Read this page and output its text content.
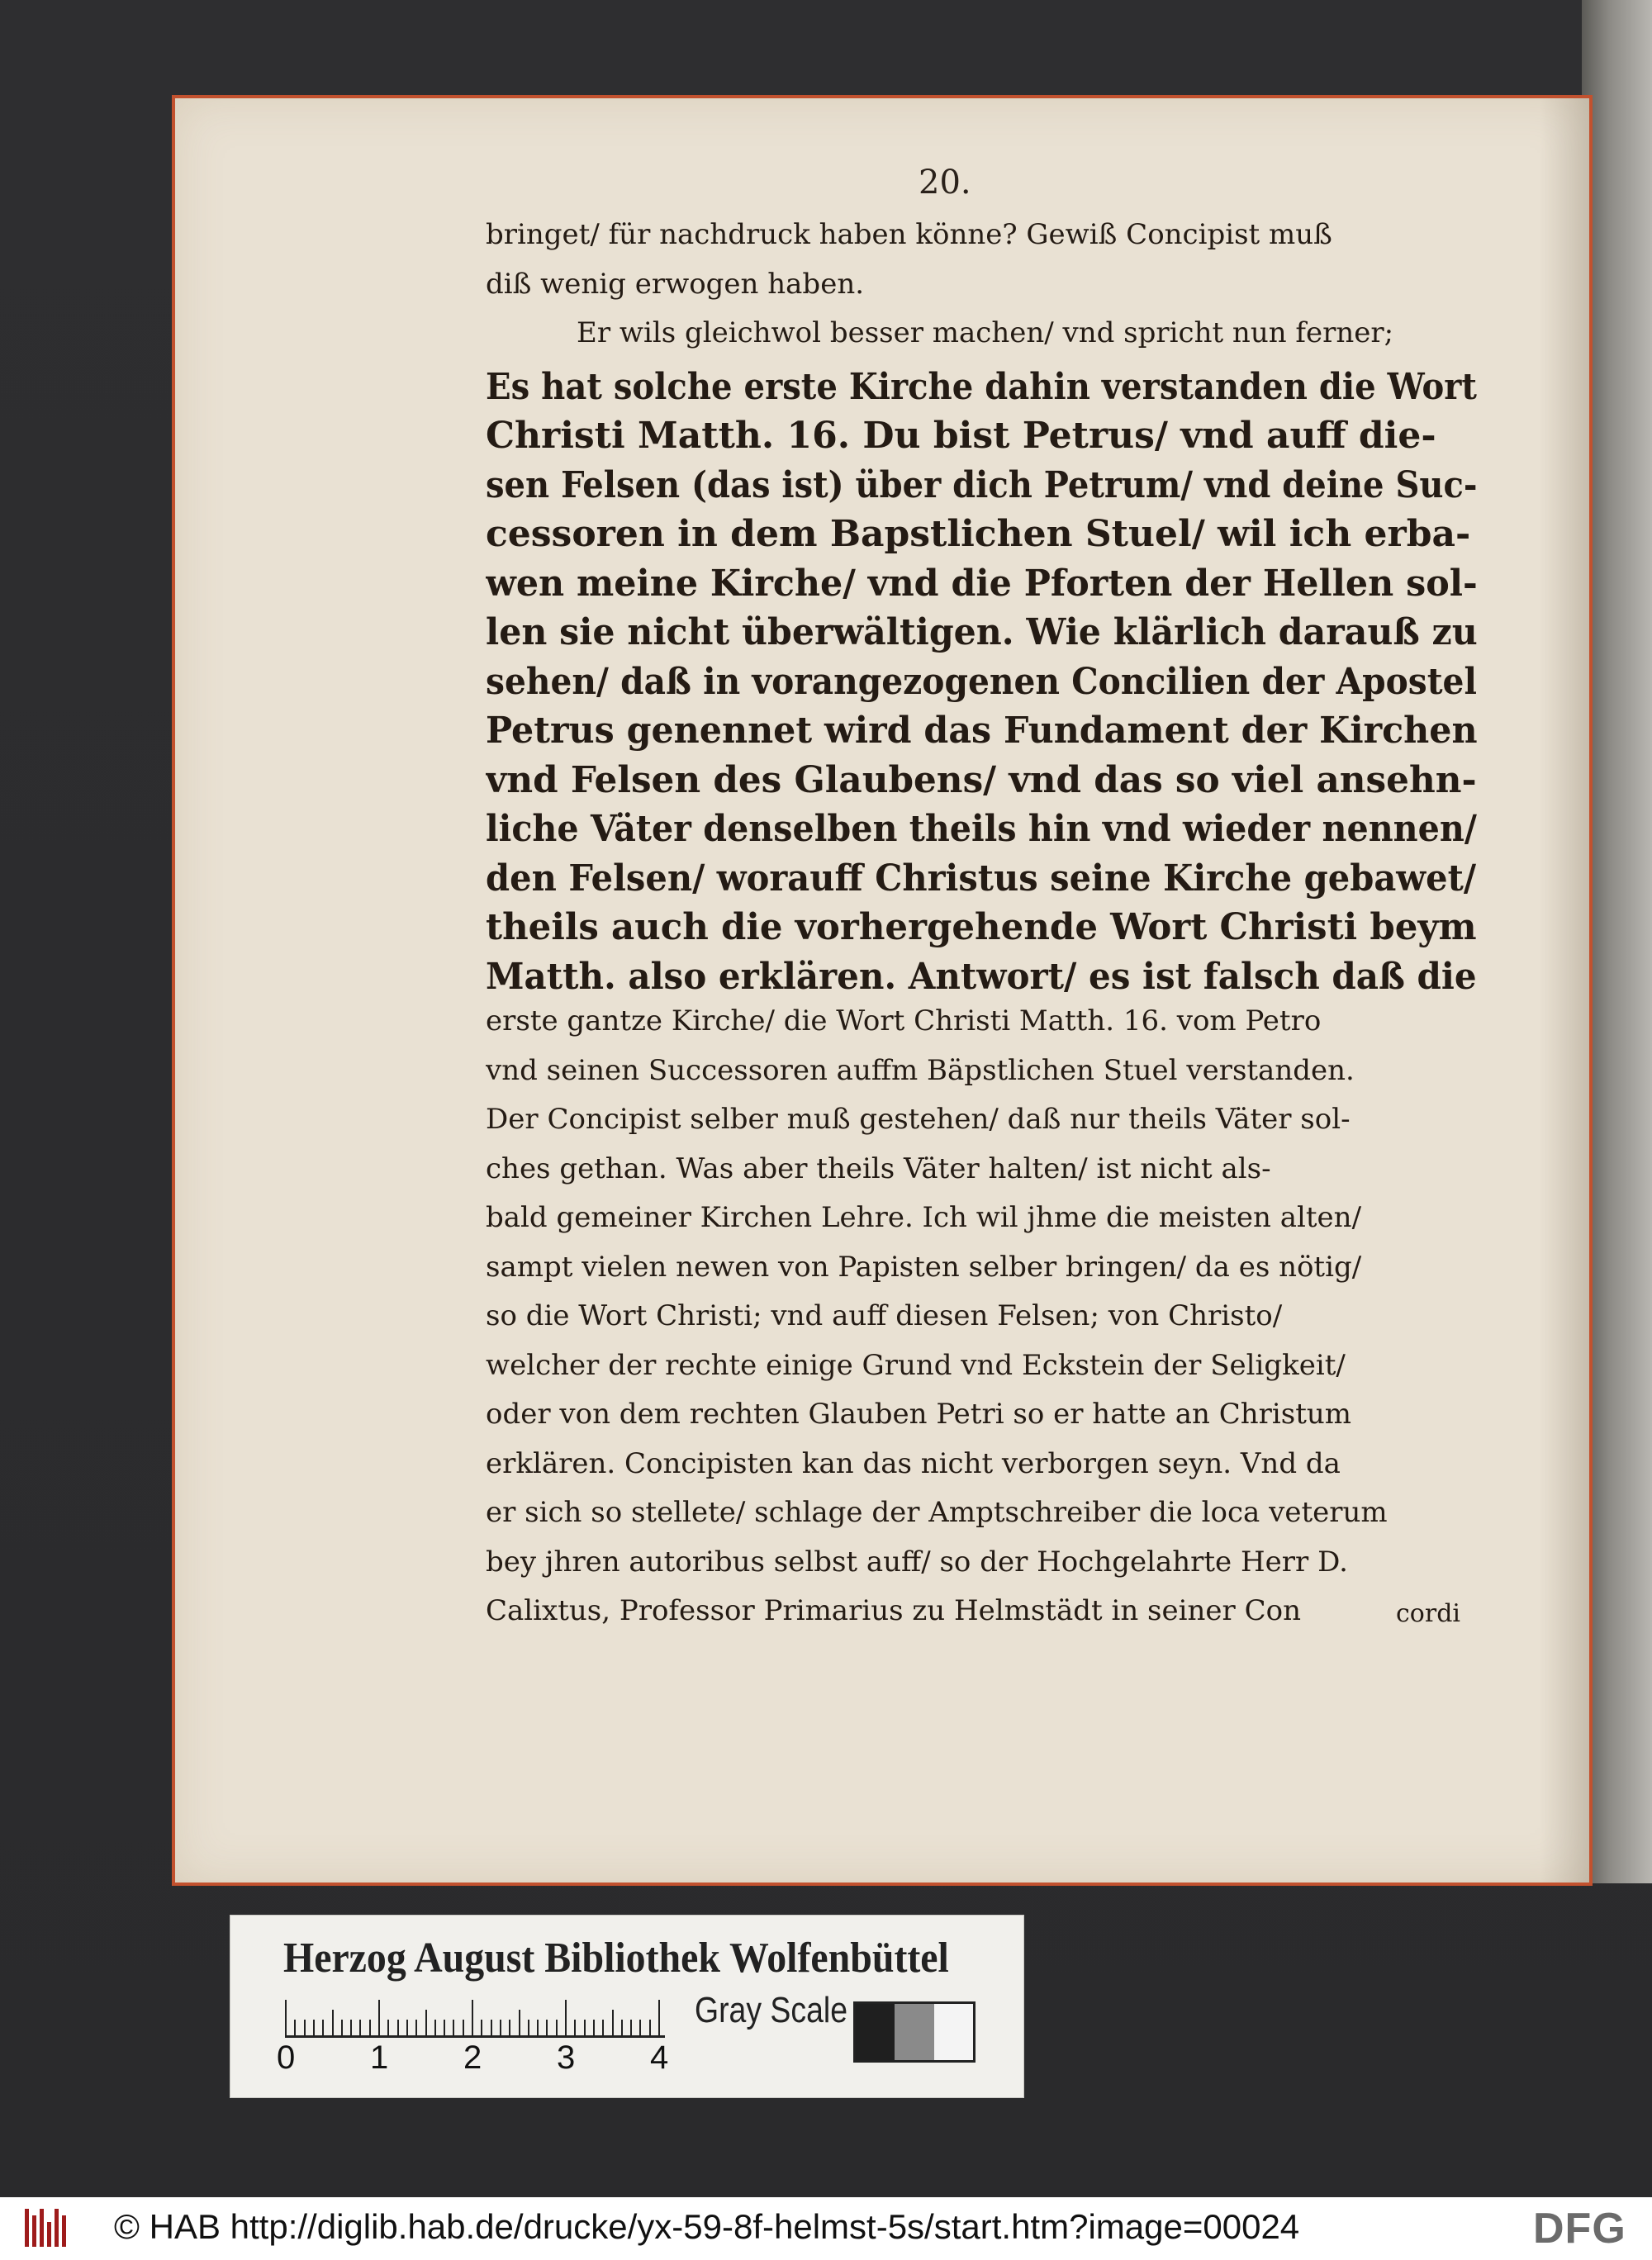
20.
bringet/ für nachdruck haben könne? Gewiß Concipist muß
diß wenig erwogen haben.
Er wils gleichwol besser machen/ vnd spricht nun ferner;
Es hat solche erste Kirche dahin verstanden die Wort
Christi Matth. 16. Du bist Petrus/ vnd auff die-
sen Felsen (das ist) über dich Petrum/ vnd deine Suc-
cessoren in dem Bapstlichen Stuel/ wil ich erba-
wen meine Kirche/ vnd die Pforten der Hellen sol-
len sie nicht überwältigen. Wie klärlich darauß zu
sehen/ daß in vorangezogenen Concilien der Apostel
Petrus genennet wird das Fundament der Kirchen
vnd Felsen des Glaubens/ vnd das so viel ansehn-
liche Väter denselben theils hin vnd wieder nennen/
den Felsen/ worauff Christus seine Kirche gebawet/
theils auch die vorhergehende Wort Christi beym
Matth. also erklären. Antwort/ es ist falsch daß die
erste gantze Kirche/ die Wort Christi Matth. 16. vom Petro
vnd seinen Successoren auffm Bäpstlichen Stuel verstanden.
Der Concipist selber muß gestehen/ daß nur theils Väter sol-
ches gethan. Was aber theils Väter halten/ ist nicht als-
bald gemeiner Kirchen Lehre. Ich wil jhme die meisten alten/
sampt vielen newen von Papisten selber bringen/ da es nötig/
so die Wort Christi; vnd auff diesen Felsen; von Christo/
welcher der rechte einige Grund vnd Eckstein der Seligkeit/
oder von dem rechten Glauben Petri so er hatte an Christum
erklären. Concipisten kan das nicht verborgen seyn. Vnd da
er sich so stellete/ schlage der Amptschreiber die loca veterum
bey jhren autoribus selbst auff/ so der Hochgelahrte Herr D.
Calixtus, Professor Primarius zu Helmstädt in seiner Con	cordi
Herzog August Bibliothek Wolfenbüttel
0 1 2 3 4
Gray Scale
© HAB http://diglib.hab.de/drucke/yx-59-8f-helmst-5s/start.htm?image=00024	DFG
